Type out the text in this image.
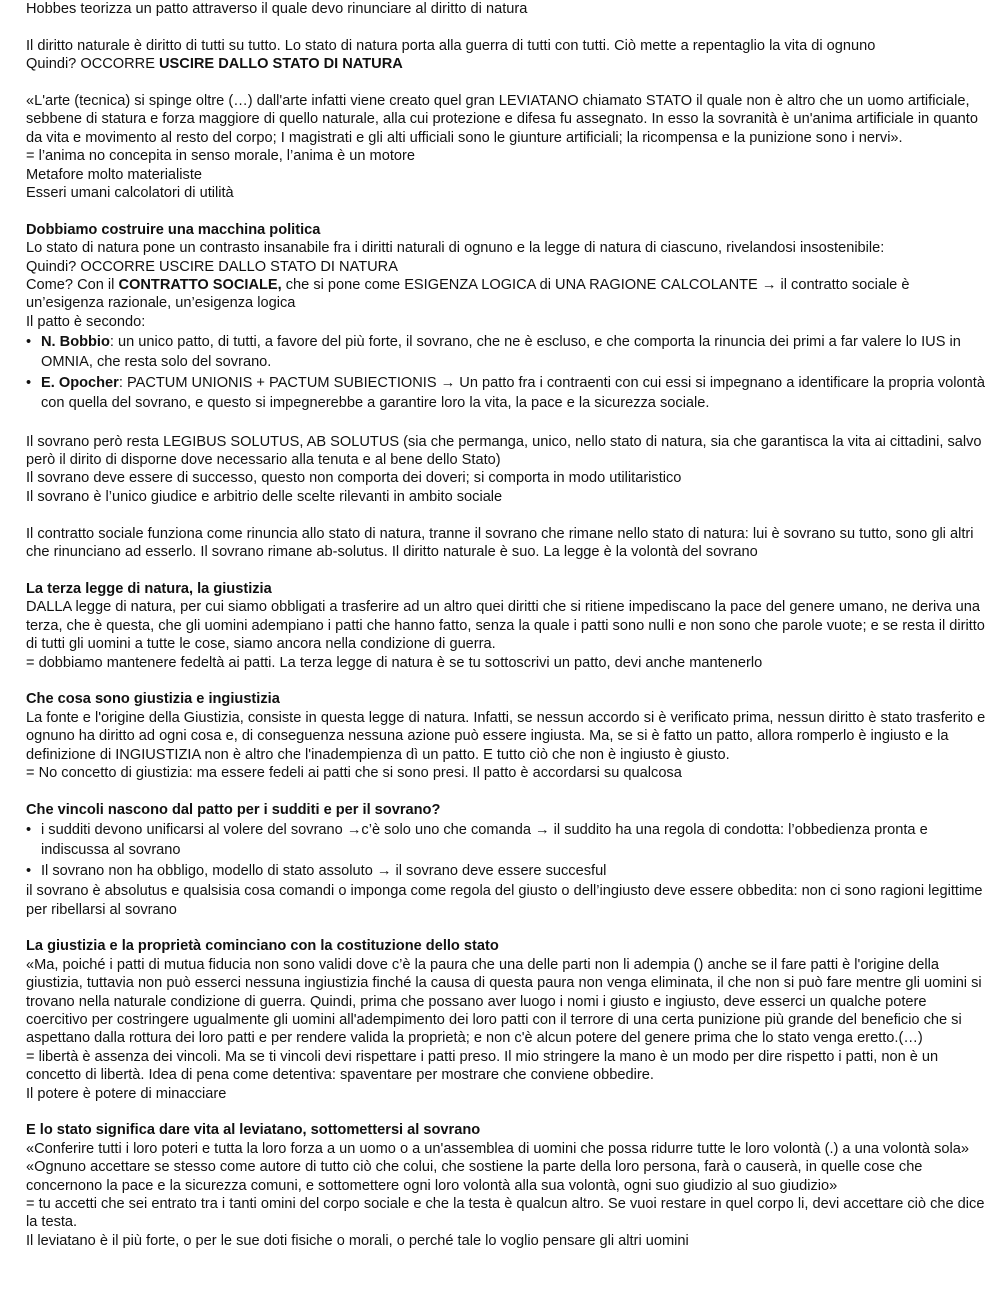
Hobbes teorizza un patto attraverso il quale devo rinunciare al diritto di natura

Il diritto naturale è diritto di tutti su tutto. Lo stato di natura porta alla guerra di tutti con tutti. Ciò mette a repentaglio la vita di ognuno

Quindi? OCCORRE USCIRE DALLO STATO DI NATURA

«L'arte (tecnica) si spinge oltre (…) dall'arte infatti viene creato quel gran LEVIATANO chiamato STATO il quale non è altro che un uomo artificiale, sebbene di statura e forza maggiore di quello naturale, alla cui protezione e difesa fu assegnato. In esso la sovranità è un'anima artificiale in quanto da vita e movimento al resto del corpo; I magistrati e gli alti ufficiali sono le giunture artificiali; la ricompensa e la punizione sono i nervi».

= l’anima no concepita in senso morale, l’anima è un motore

Metafore molto materialiste

Esseri umani calcolatori di utilità

Dobbiamo costruire una macchina politica

Lo stato di natura pone un contrasto insanabile fra i diritti naturali di ognuno e la legge di natura di ciascuno, rivelandosi insostenibile:

Quindi? OCCORRE USCIRE DALLO STATO DI NATURA

Come? Con il CONTRATTO SOCIALE, che si pone come ESIGENZA LOGICA di UNA RAGIONE CALCOLANTE → il contratto sociale è un’esigenza razionale, un’esigenza logica

Il patto è secondo:

• N. Bobbio: un unico patto, di tutti, a favore del più forte, il sovrano, che ne è escluso, e che comporta la rinuncia dei primi a far valere lo IUS in OMNIA, che resta solo del sovrano.
• E. Opocher: PACTUM UNIONIS + PACTUM SUBIECTIONIS → Un patto fra i contraenti con cui essi si impegnano a identificare la propria volontà con quella del sovrano, e questo si impegnerebbe a garantire loro la vita, la pace e la sicurezza sociale.

Il sovrano però resta LEGIBUS SOLUTUS, AB SOLUTUS (sia che permanga, unico, nello stato di natura, sia che garantisca la vita ai cittadini, salvo però il dirito di disporne dove necessario alla tenuta e al bene dello Stato)

Il sovrano deve essere di successo, questo non comporta dei doveri; si comporta in modo utilitaristico

Il sovrano è l’unico giudice e arbitrio delle scelte rilevanti in ambito sociale

Il contratto sociale funziona come rinuncia allo stato di natura, tranne il sovrano che rimane nello stato di natura: lui è sovrano su tutto, sono gli altri che rinunciano ad esserlo. Il sovrano rimane ab-solutus. Il diritto naturale è suo. La legge è la volontà del sovrano

La terza legge di natura, la giustizia

DALLA legge di natura, per cui siamo obbligati a trasferire ad un altro quei diritti che si ritiene impediscano la pace del genere umano, ne deriva una terza, che è questa, che gli uomini adempiano i patti che hanno fatto, senza la quale i patti sono nulli e non sono che parole vuote; e se resta il diritto di tutti gli uomini a tutte le cose, siamo ancora nella condizione di guerra.

= dobbiamo mantenere fedeltà ai patti. La terza legge di natura è se tu sottoscrivi un patto, devi anche mantenerlo

Che cosa sono giustizia e ingiustizia

La fonte e l'origine della Giustizia, consiste in questa legge di natura. Infatti, se nessun accordo si è verificato prima, nessun diritto è stato trasferito e ognuno ha diritto ad ogni cosa e, di conseguenza nessuna azione può essere ingiusta. Ma, se si è fatto un patto, allora romperlo è ingiusto e la definizione di INGIUSTIZIA non è altro che l'inadempienza dì un patto. E tutto ciò che non è ingiusto è giusto.

= No concetto di giustizia: ma essere fedeli ai patti che si sono presi. Il patto è accordarsi su qualcosa

Che vincoli nascono dal patto per i sudditi e per il sovrano?

• i sudditi devono unificarsi al volere del sovrano →c’è solo uno che comanda → il suddito ha una regola di condotta: l’obbedienza pronta e indiscussa al sovrano
• Il sovrano non ha obbligo, modello di stato assoluto → il sovrano deve essere succesful

il sovrano è absolutus e qualsisia cosa comandi o imponga come regola del giusto o dell’ingiusto deve essere obbedita: non ci sono ragioni legittime per ribellarsi al sovrano

La giustizia e la proprietà cominciano con la costituzione dello stato

«Ma, poiché i patti di mutua fiducia non sono validi dove c’è la paura che una delle parti non li adempia () anche se il fare patti è l'origine della giustizia, tuttavia non può esserci nessuna ingiustizia finché la causa di questa paura non venga eliminata, il che non si può fare mentre gli uomini si trovano nella naturale condizione di guerra. Quindi, prima che possano aver luogo i nomi i giusto e ingiusto, deve esserci un qualche potere coercitivo per costringere ugualmente gli uomini all'adempimento dei loro patti con il terrore di una certa punizione più grande del beneficio che si aspettano dalla rottura dei loro patti e per rendere valida la proprietà; e non c'è alcun potere del genere prima che lo stato venga eretto.(…)

= libertà è assenza dei vincoli. Ma se ti vincoli devi rispettare i patti preso. Il mio stringere la mano è un modo per dire rispetto i patti, non è un concetto di libertà. Idea di pena come detentiva: spaventare per mostrare che conviene obbedire.

Il potere è potere di minacciare

E lo stato significa dare vita al leviatano, sottomettersi al sovrano

«Conferire tutti i loro poteri e tutta la loro forza a un uomo o a un'assemblea di uomini che possa ridurre tutte le loro volontà (.) a una volontà sola» «Ognuno accettare se stesso come autore di tutto ciò che colui, che sostiene la parte della loro persona, farà o causerà, in quelle cose che concernono la pace e la sicurezza comuni, e sottomettere ogni loro volontà alla sua volontà, ogni suo giudizio al suo giudizio»

= tu accetti che sei entrato tra i tanti omini del corpo sociale e che la testa è qualcun altro. Se vuoi restare in quel corpo li, devi accettare ciò che dice la testa.

Il leviatano è il più forte, o per le sue doti fisiche o morali, o perché tale lo voglio pensare gli altri uomini
